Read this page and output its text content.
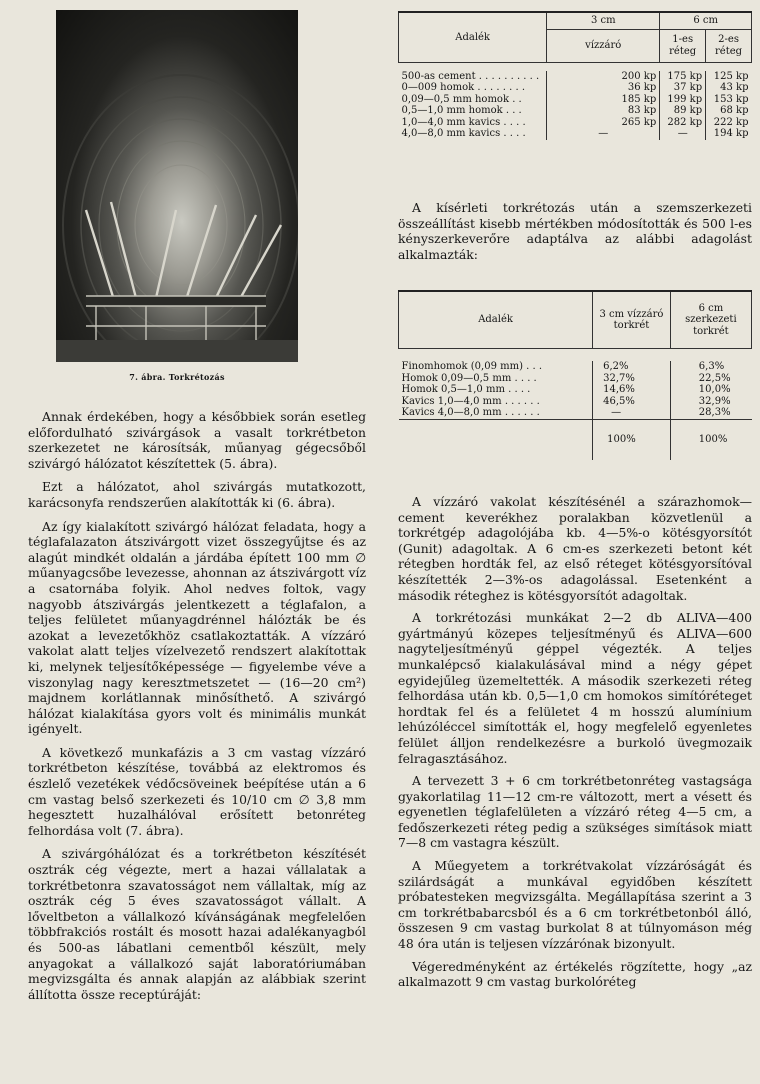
7. ábra. Torkrétozás

Annak érdekében, hogy a későbbiek során esetleg előfordulható szivárgások a vasalt torkrétbeton szerkezetet ne károsítsák, műanyag gégecsőből szivárgó hálózatot készítettek (5. ábra).

Ezt a hálózatot, ahol szivárgás mutatkozott, karácsonyfa rendszerűen alakították ki (6. ábra).

Az így kialakított szivárgó hálózat feladata, hogy a téglafalazaton átszivárgott vizet összegyűjtse és az alagút mindkét oldalán a járdába épített 100 mm ∅ műanyagcsőbe levezesse, ahonnan az átszivárgott víz a csatornába folyik. Ahol nedves foltok, vagy nagyobb átszivárgás jelentkezett a téglafalon, a teljes felületet műanyagdrénnel hálózták be és azokat a levezetőkhöz csatlakoztatták. A vízzáró vakolat alatt teljes vízelvezető rendszert alakítottak ki, melynek teljesítőképessége — figyelembe véve a viszonylag nagy keresztmetszetet — (16—20 cm²) majdnem korlátlannak minősíthető. A szivárgó hálózat kialakítása gyors volt és minimális munkát igényelt.

A következő munkafázis a 3 cm vastag vízzáró torkrétbeton készítése, továbbá az elektromos és észlelő vezetékek védőcsöveinek beépítése után a 6 cm vastag belső szerkezeti és 10/10 cm ∅ 3,8 mm hegesztett huzalhálóval erősített betonréteg felhordása volt (7. ábra).

A szivárgóhálózat és a torkrétbeton készítését osztrák cég végezte, mert a hazai vállalatak a torkrétbetonra szavatosságot nem vállaltak, míg az osztrák cég 5 éves szavatosságot vállalt. A lőveltbeton a vállalkozó kívánságának megfelelően többfrakciós rostált és mosott hazai adalékanyagból és 500-as lábatlani cementből készült, mely anyagokat a vállalkozó saját laboratóriumában megvizsgálta és annak alapján az alábbiak szerint állította össze receptúráját:

Adalék	3 cm	6 cm	
	vízzáró	1-es réteg	2-es réteg

500-as cement . . . . . . . . . .	200 kp	175 kp	125 kp
0—009 homok . . . . . . . .	36 kp	37 kp	43 kp
0,09—0,5 mm homok . .	185 kp	199 kp	153 kp
0,5—1,0 mm homok . . .	83 kp	89 kp	68 kp
1,0—4,0 mm kavics . . . .	265 kp	282 kp	222 kp
4,0—8,0 mm kavics . . . .	—	—	194 kp

A kísérleti torkrétozás után a szemszerkezeti összeállítást kisebb mértékben módosították és 500 l-es kényszerkeverőre adaptálva az alábbi adagolást alkalmazták:

Adalék	3 cm vízzáró torkrét	6 cm szerkezeti torkrét

Finomhomok (0,09 mm) . . .	6,2%	6,3%
Homok 0,09—0,5 mm . . . .	32,7%	22,5%
Homok 0,5—1,0 mm . . . .	14,6%	10,0%
Kavics 1,0—4,0 mm . . . . . .	46,5%	32,9%
Kavics 4,0—8,0 mm . . . . . .	—	28,3%
	100%	100%

A vízzáró vakolat készítésénél a szárazhomok—cement keverékhez poralakban közvetlenül a torkrétgép adagolójába kb. 4—5%-o kötésgyorsítót (Gunit) adagoltak. A 6 cm-es szerkezeti betont két rétegben hordták fel, az első réteget kötésgyorsítóval készítették 2—3%-os adagolással. Esetenként a második réteghez is kötésgyorsítót adagoltak.

A torkrétozási munkákat 2—2 db ALIVA—400 gyártmányú közepes teljesítményű és ALIVA—600 nagyteljesítményű géppel végezték. A teljes munkalépcső kialakulásával mind a négy gépet egyidejűleg üzemeltették. A második szerkezeti réteg felhordása után kb. 0,5—1,0 cm homokos simítóréteget hordtak fel és a felületet 4 m hosszú alumínium lehúzóléccel simították el, hogy megfelelő egyenletes felület álljon rendelkezésre a burkoló üvegmozaik felragasztásához.

A tervezett 3 + 6 cm torkrétbetonréteg vastagsága gyakorlatilag 11—12 cm-re változott, mert a vésett és egyenetlen téglafelületen a vízzáró réteg 4—5 cm, a fedőszerkezeti réteg pedig a szükséges simítások miatt 7—8 cm vastagra készült.

A Műegyetem a torkrétvakolat vízzáróságát és szilárdságát a munkával egyidőben készített próbatesteken megvizsgálta. Megállapítása szerint a 3 cm torkrétbabarcsból és a 6 cm torkrétbetonból álló, összesen 9 cm vastag burkolat 8 at túlnyomáson még 48 óra után is teljesen vízzárónak bizonyult.

Végeredményként az értékelés rögzítette, hogy „az alkalmazott 9 cm vastag burkolóréteg
